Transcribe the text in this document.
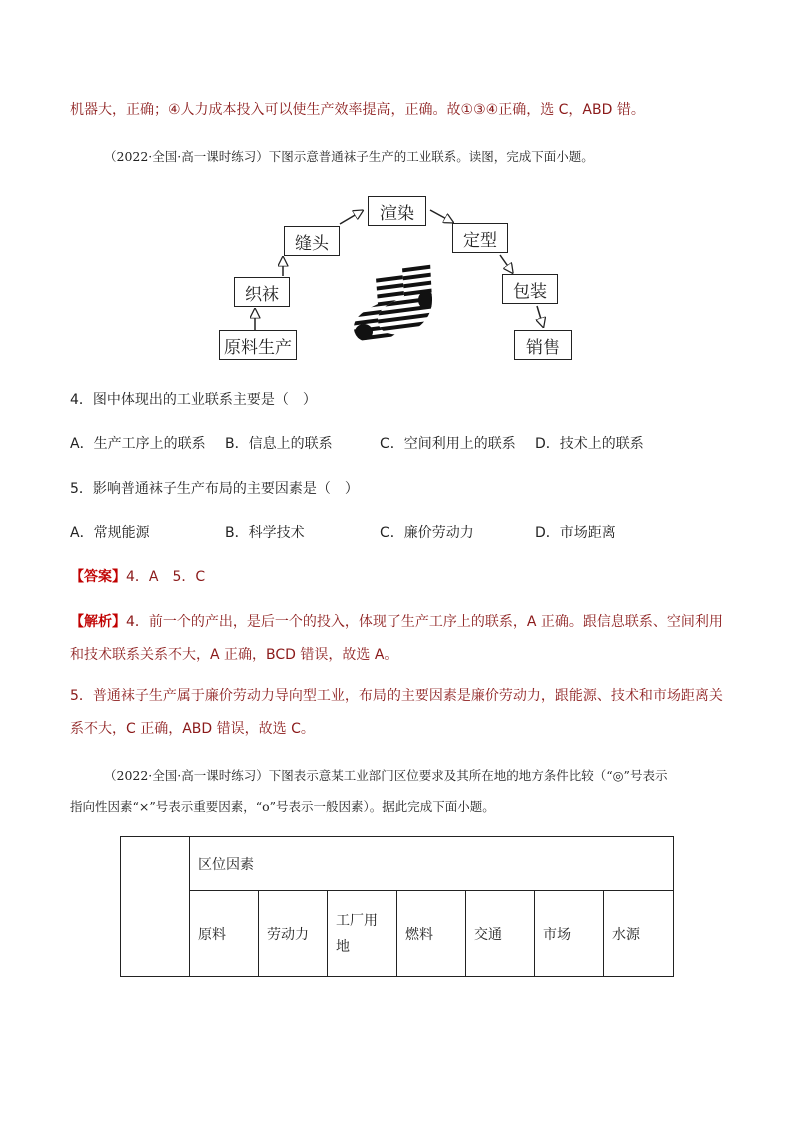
机器大，正确；④人力成本投入可以使生产效率提高，正确。故①③④正确，选 C，ABD 错。
（2022·全国·高一课时练习）下图示意普通袜子生产的工业联系。读图，完成下面小题。
原料生产
织袜
缝头
渲染
定型
包装
销售
4．图中体现出的工业联系主要是（　）
A．生产工序上的联系 B．信息上的联系	C．空间利用上的联系 D．技术上的联系
5．影响普通袜子生产布局的主要因素是（　）
A．常规能源	B．科学技术	C．廉价劳动力	D．市场距离
【答案】4．A　5．C
【解析】4．前一个的产出，是后一个的投入，体现了生产工序上的联系，A 正确。跟信息联系、空间利用
和技术联系关系不大，A 正确，BCD 错误，故选 A。
5．普通袜子生产属于廉价劳动力导向型工业，布局的主要因素是廉价劳动力，跟能源、技术和市场距离关
系不大，C 正确，ABD 错误，故选 C。
（2022·全国·高一课时练习）下图表示意某工业部门区位要求及其所在地的地方条件比较（“◎”号表示
指向性因素“×”号表示重要因素，“o”号表示一般因素）。据此完成下面小题。
	区位因素						
	原料	劳动力	工厂用地	燃料	交通	市场	水源
